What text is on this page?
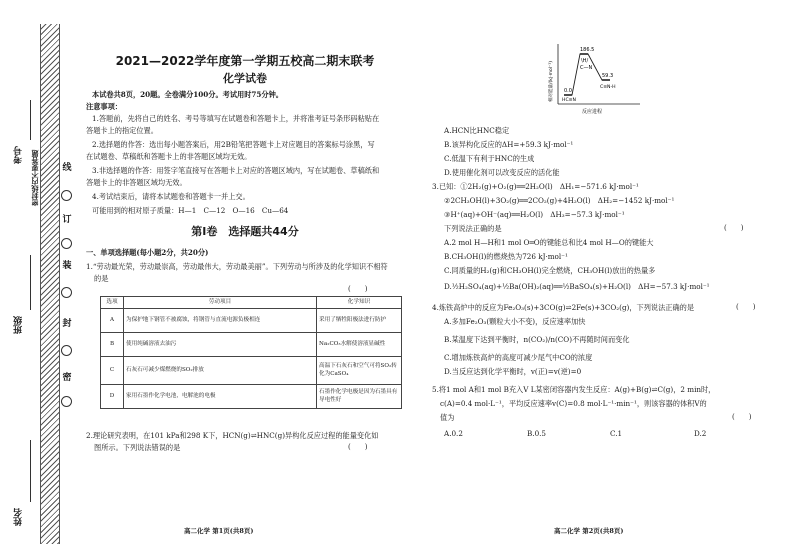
考号
班级
姓名
线
订
装
封
密
密封线内不要答题
2021—2022学年度第一学期五校高二期末联考
化学试卷
本试卷共8页，20题。全卷满分100分。考试用时75分钟。
注意事项：
1.答题前，先将自己的姓名、考号等填写在试题卷和答题卡上，并将准考证号条形码粘贴在
答题卡上的指定位置。
2.选择题的作答：选出每小题答案后，用2B铅笔把答题卡上对应题目的答案标号涂黑，写
在试题卷、草稿纸和答题卡上的非答题区域均无效。
3.非选择题的作答：用签字笔直接写在答题卡上对应的答题区域内，写在试题卷、草稿纸和
答题卡上的非答题区域均无效。
4.考试结束后，请将本试题卷和答题卡一并上交。
可能用到的相对原子质量：H—1　C—12　O—16　Cu—64
第Ⅰ卷　选择题共44分
一、单项选择题(每小题2分，共20分)
1.“劳动最光荣，劳动最崇高，劳动最伟大，劳动最美丽”。下列劳动与所涉及的化学知识不相符
的是
(　　)
选项	劳动项目	化学知识
A	为保护地下钢管不被腐蚀，将钢管与直流电源负极相连	采用了牺牲阳极法进行防护
B	使用纯碱溶液去油污	Na₂CO₃水解使溶液显碱性
C	石灰石可减少煤燃烧的SO₂排放	高温下石灰石和空气可将SO₂转化为CaSO₄
D	家用石墨作化学电池，电解池的电极	石墨作化学电极是因为石墨具有导电性好
2.理论研究表明，在101 kPa和298 K下，HCN(g)⇌HNC(g)异构化反应过程的能量变化如
图所示。下列说法错误的是	(　　)
高二化学 第1页(共8页)
186.5
\H/
C—N
0.0
HC≡N
59.3
C≡N‑H
反应进程
相对能量/(kJ·mol⁻¹)
A.HCN比HNC稳定
B.该异构化反应的ΔH=+59.3 kJ·mol⁻¹
C.低温下有利于HNC的生成
D.使用催化剂可以改变反应的活化能
3.已知：①2H₂(g)+O₂(g)══2H₂O(l)　ΔH₁=−571.6 kJ·mol⁻¹
②2CH₃OH(l)+3O₂(g)══2CO₂(g)+4H₂O(l)　ΔH₂=−1452 kJ·mol⁻¹
③H⁺(aq)+OH⁻(aq)══H₂O(l)　ΔH₃=−57.3 kJ·mol⁻¹
下列说法正确的是	(　　)
A.2 mol H—H和1 mol O═O的键能总和比4 mol H—O的键能大
B.CH₃OH(l)的燃烧热为726 kJ·mol⁻¹
C.同质量的H₂(g)和CH₃OH(l)完全燃烧，CH₃OH(l)放出的热量多
D.½H₂SO₄(aq)+½Ba(OH)₂(aq)══½BaSO₄(s)+H₂O(l)　ΔH=−57.3 kJ·mol⁻¹
4.炼铁高炉中的反应为Fe₂O₃(s)+3CO(g)⇌2Fe(s)+3CO₂(g)，下列说法正确的是	(　　)
A.多加Fe₂O₃(颗粒大小不变)，反应速率加快
B.某温度下达到平衡时，n(CO₂)/n(CO)不再随时间而变化
C.增加炼铁高炉的高度可减少尾气中CO的浓度
D.当反应达到化学平衡时，v(正)=v(逆)=0
5.将1 mol A和1 mol B充入V L某密闭容器内发生反应：A(g)+B(g)⇌C(g)，2 min时，
c(A)=0.4 mol·L⁻¹，平均反应速率v(C)=0.8 mol·L⁻¹·min⁻¹，则该容器的体积V的
值为	(　　)
A.0.2	B.0.5	C.1	D.2
高二化学 第2页(共8页)
